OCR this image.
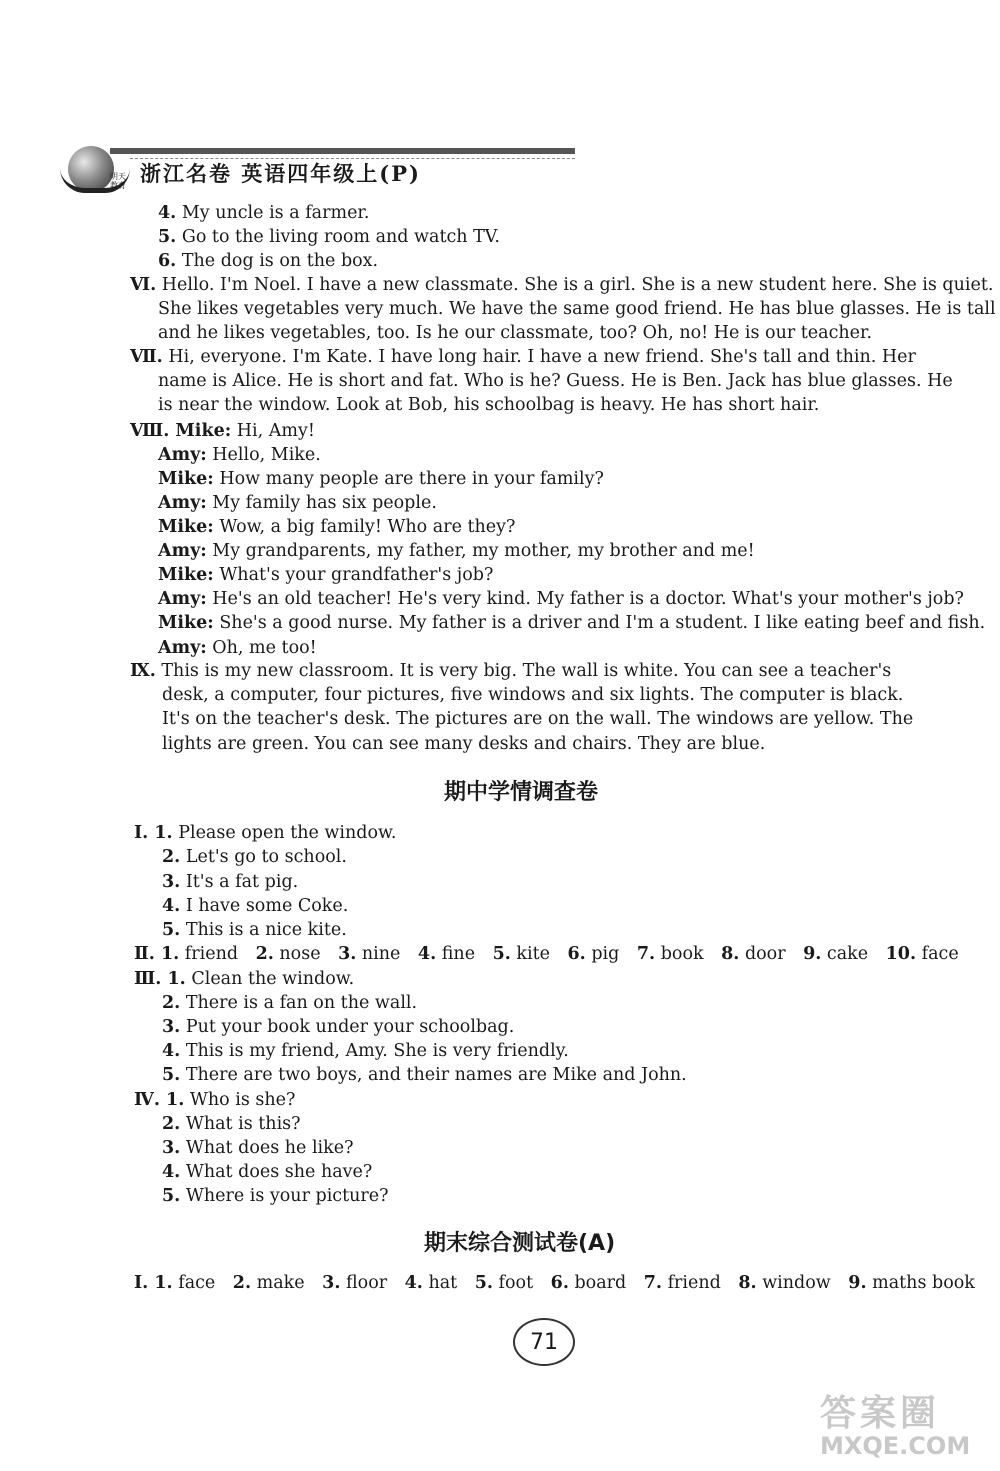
浙江名卷 英语四年级上(P)
明天教育
4. My uncle is a farmer.
5. Go to the living room and watch TV.
6. The dog is on the box.
Ⅵ. Hello. I'm Noel. I have a new classmate. She is a girl. She is a new student here. She is quiet.
She likes vegetables very much. We have the same good friend. He has blue glasses. He is tall
and he likes vegetables, too. Is he our classmate, too? Oh, no! He is our teacher.
Ⅶ. Hi, everyone. I'm Kate. I have long hair. I have a new friend. She's tall and thin. Her
name is Alice. He is short and fat. Who is he? Guess. He is Ben. Jack has blue glasses. He
is near the window. Look at Bob, his schoolbag is heavy. He has short hair.
Ⅷ. Mike: Hi, Amy!
Amy: Hello, Mike.
Mike: How many people are there in your family?
Amy: My family has six people.
Mike: Wow, a big family! Who are they?
Amy: My grandparents, my father, my mother, my brother and me!
Mike: What's your grandfather's job?
Amy: He's an old teacher! He's very kind. My father is a doctor. What's your mother's job?
Mike: She's a good nurse. My father is a driver and I'm a student. I like eating beef and fish.
Amy: Oh, me too!
Ⅸ. This is my new classroom. It is very big. The wall is white. You can see a teacher's
desk, a computer, four pictures, five windows and six lights. The computer is black.
It's on the teacher's desk. The pictures are on the wall. The windows are yellow. The
lights are green. You can see many desks and chairs. They are blue.
Ⅰ. 1. Please open the window.
2. Let's go to school.
3. It's a fat pig.
4. I have some Coke.
5. This is a nice kite.
Ⅲ. 1. Clean the window.
2. There is a fan on the wall.
3. Put your book under your schoolbag.
4. This is my friend, Amy. She is very friendly.
5. There are two boys, and their names are Mike and John.
Ⅳ. 1. Who is she?
2. What is this?
3. What does he like?
4. What does she have?
5. Where is your picture?
Ⅱ. 1. friend 2. nose 3. nine 4. fine 5. kite 6. pig 7. book 8. door 9. cake 10. face
Ⅰ. 1. face 2. make 3. floor 4. hat 5. foot 6. board 7. friend 8. window 9. maths book
期中学情调查卷
期末综合测试卷(A)
71
答案圈
MXQE.COM
